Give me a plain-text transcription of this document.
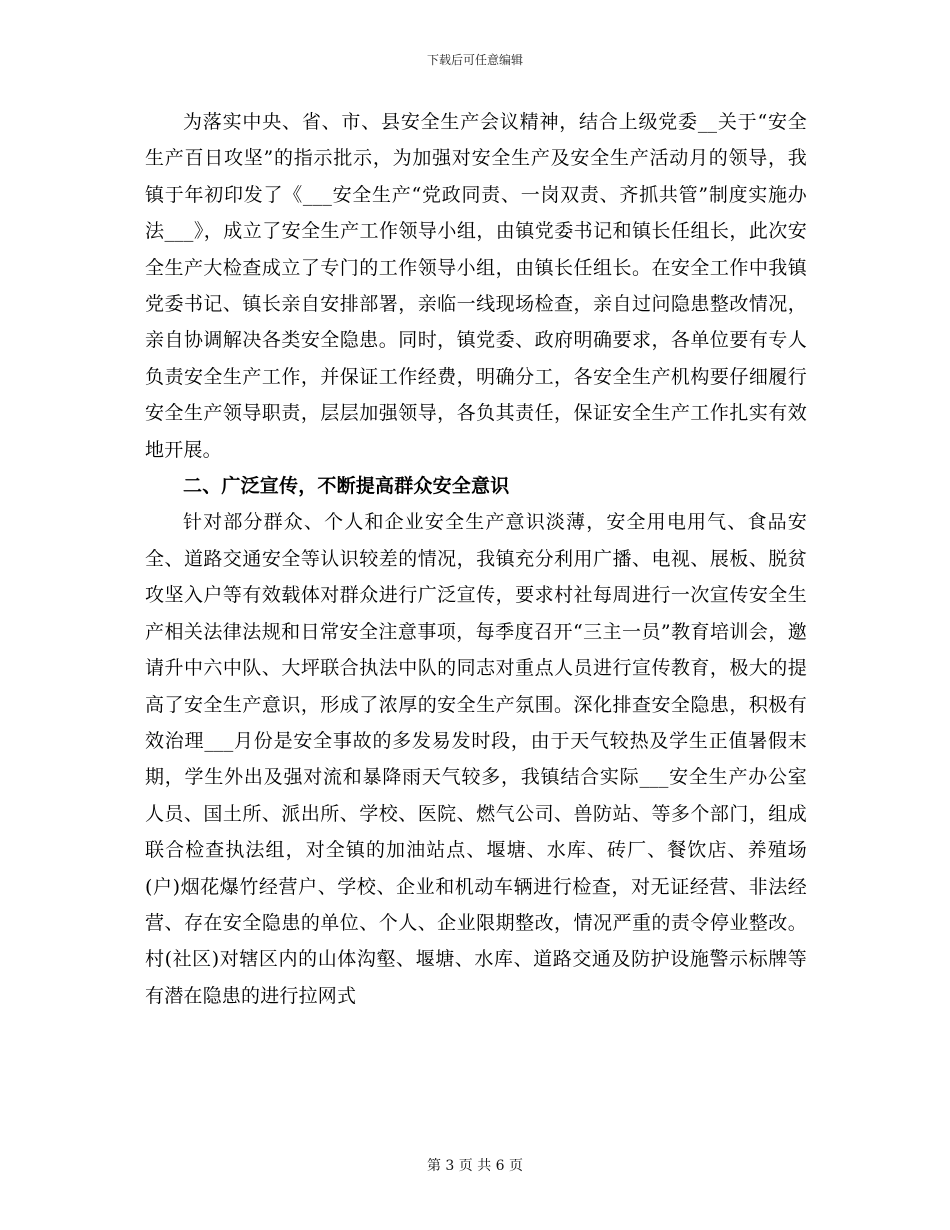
下载后可任意编辑

为落实中央、省、市、县安全生产会议精神，结合上级党委__关于“安全生产百日攻坚”的指示批示，为加强对安全生产及安全生产活动月的领导，我镇于年初印发了《___安全生产“党政同责、一岗双责、齐抓共管”制度实施办法___》，成立了安全生产工作领导小组，由镇党委书记和镇长任组长，此次安全生产大检查成立了专门的工作领导小组，由镇长任组长。在安全工作中我镇党委书记、镇长亲自安排部署，亲临一线现场检查，亲自过问隐患整改情况，亲自协调解决各类安全隐患。同时，镇党委、政府明确要求，各单位要有专人负责安全生产工作，并保证工作经费，明确分工，各安全生产机构要仔细履行安全生产领导职责，层层加强领导，各负其责任，保证安全生产工作扎实有效地开展。

二、广泛宣传，不断提高群众安全意识

针对部分群众、个人和企业安全生产意识淡薄，安全用电用气、食品安全、道路交通安全等认识较差的情况，我镇充分利用广播、电视、展板、脱贫攻坚入户等有效载体对群众进行广泛宣传，要求村社每周进行一次宣传安全生产相关法律法规和日常安全注意事项，每季度召开“三主一员”教育培训会，邀请升中六中队、大坪联合执法中队的同志对重点人员进行宣传教育，极大的提高了安全生产意识，形成了浓厚的安全生产氛围。深化排查安全隐患，积极有效治理___月份是安全事故的多发易发时段，由于天气较热及学生正值暑假末期，学生外出及强对流和暴降雨天气较多，我镇结合实际___安全生产办公室人员、国土所、派出所、学校、医院、燃气公司、兽防站、等多个部门，组成联合检查执法组，对全镇的加油站点、堰塘、水库、砖厂、餐饮店、养殖场(户)烟花爆竹经营户、学校、企业和机动车辆进行检查，对无证经营、非法经营、存在安全隐患的单位、个人、企业限期整改，情况严重的责令停业整改。村(社区)对辖区内的山体沟壑、堰塘、水库、道路交通及防护设施警示标牌等有潜在隐患的进行拉网式

第 3 页 共 6 页
